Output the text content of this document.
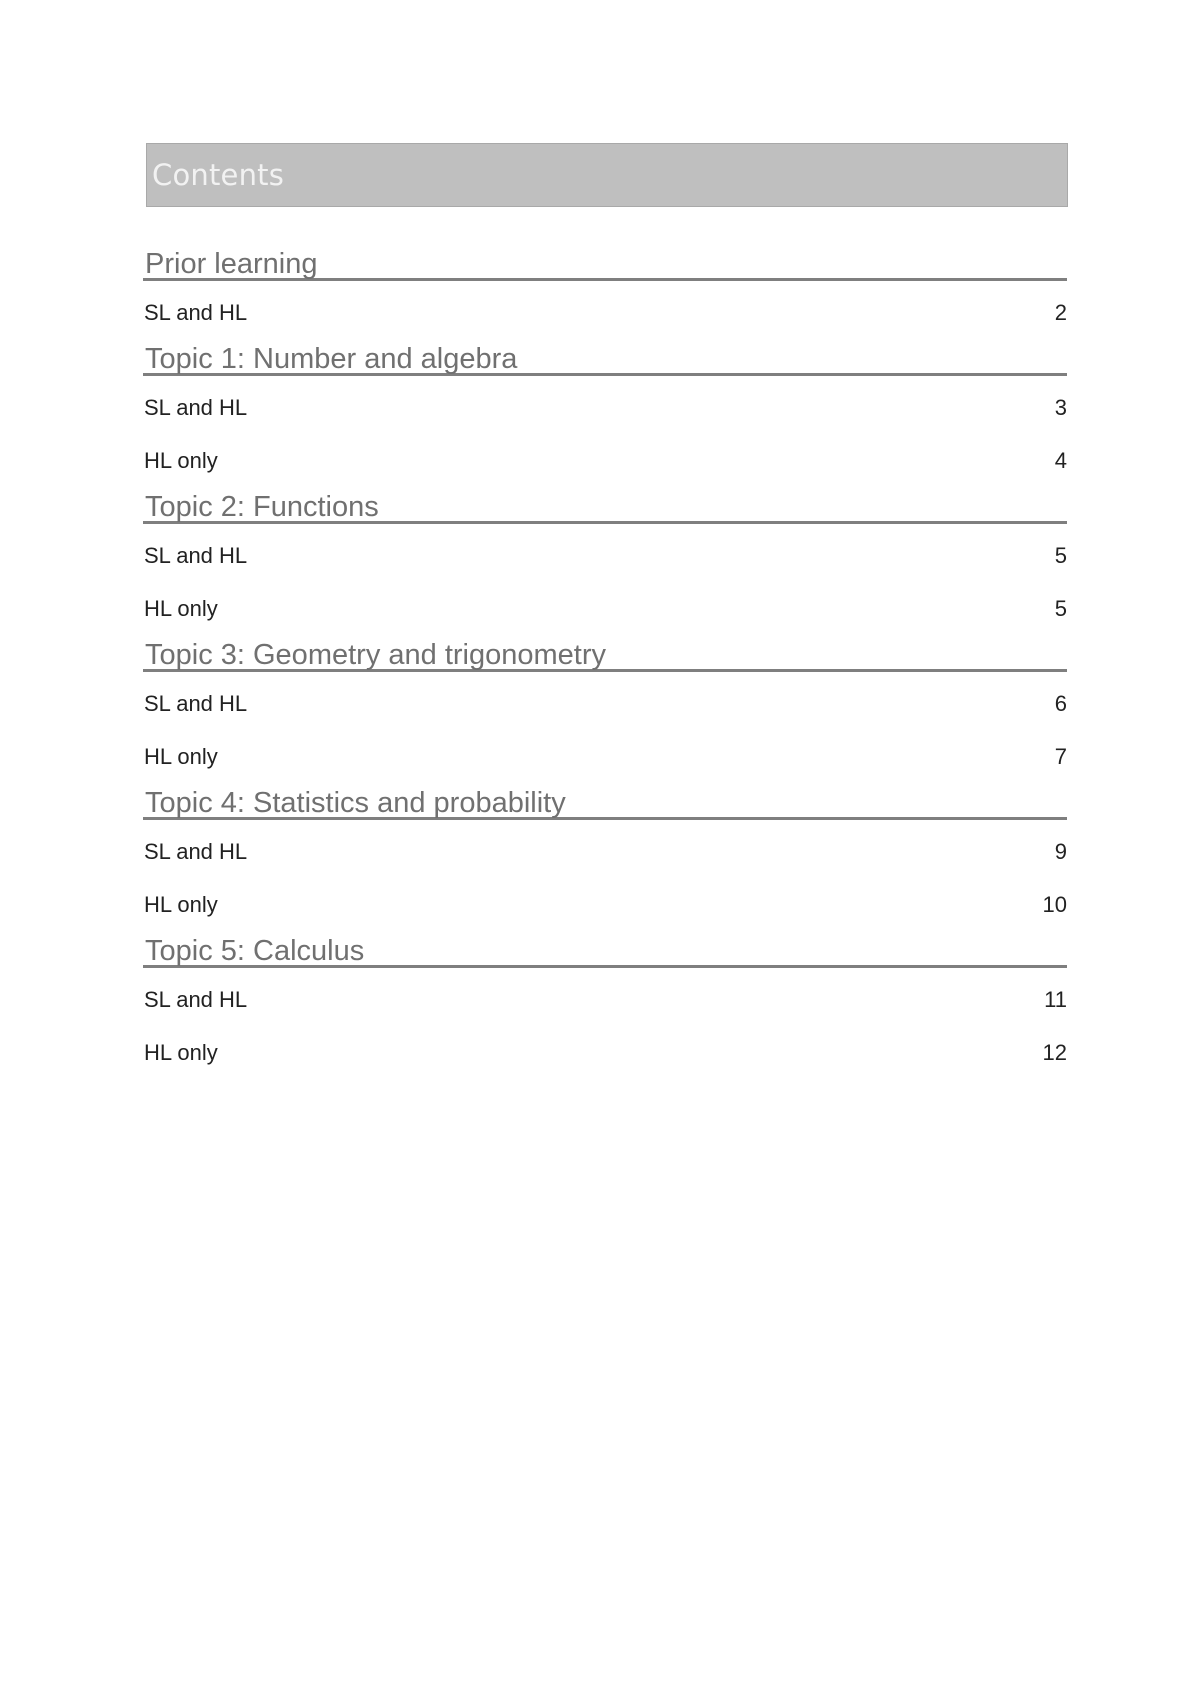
Contents
Prior learning
SL and HL	2
Topic 1: Number and algebra
SL and HL	3
HL only	4
Topic 2: Functions
SL and HL	5
HL only	5
Topic 3: Geometry and trigonometry
SL and HL	6
HL only	7
Topic 4: Statistics and probability
SL and HL	9
HL only	10
Topic 5: Calculus
SL and HL	11
HL only	12
